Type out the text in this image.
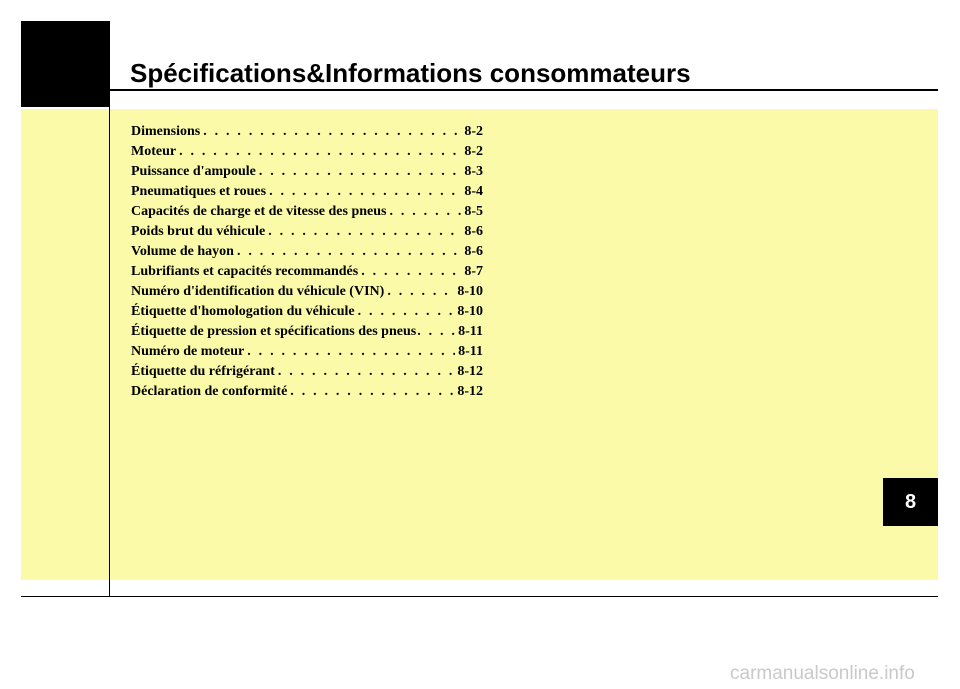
Spécifications&Informations consommateurs
Dimensions . . .	8-2
Moteur . . .	8-2
Puissance d'ampoule . . .	8-3
Pneumatiques et roues . . .	8-4
Capacités de charge et de vitesse des pneus . . .	8-5
Poids brut du véhicule . . .	8-6
Volume de hayon . . .	8-6
Lubrifiants et capacités recommandés . . .	8-7
Numéro d'identification du véhicule (VIN) . . .	8-10
Étiquette d'homologation du véhicule . . .	8-10
Étiquette de pression et spécifications des pneus . . .	8-11
Numéro de moteur . . .	8-11
Étiquette du réfrigérant . . .	8-12
Déclaration de conformité . . .	8-12
8
carmanualsonline.info
